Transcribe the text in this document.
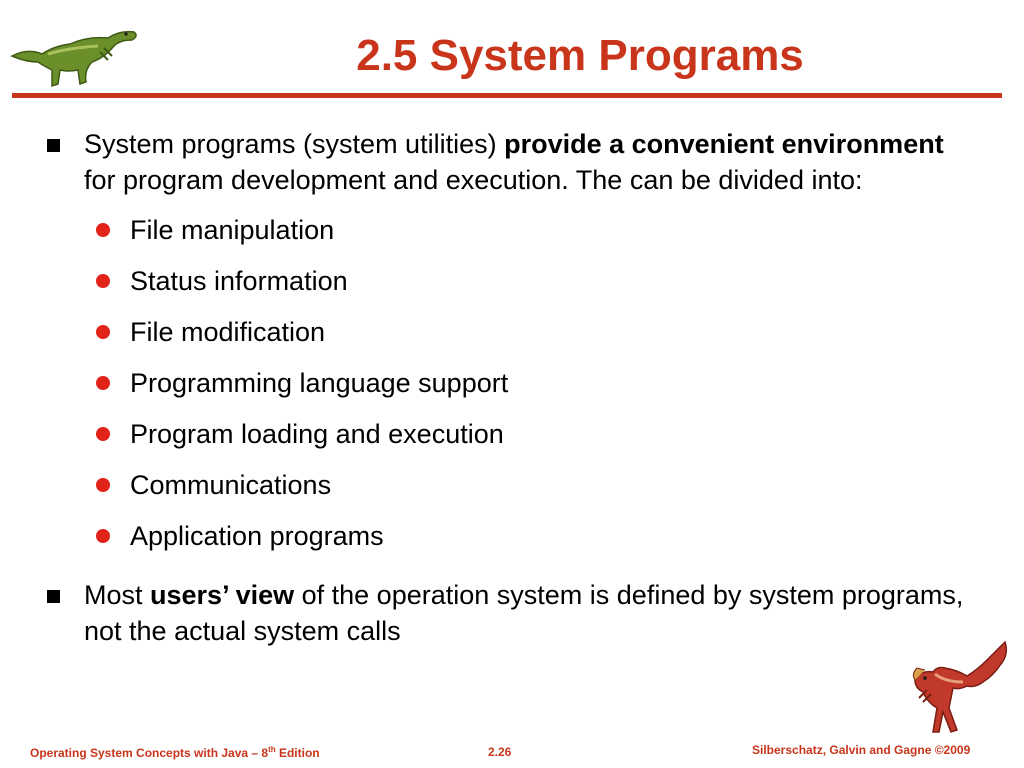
2.5 System Programs
System programs (system utilities) provide a convenient environment for program development and execution. The can be divided into:
File manipulation
Status information
File modification
Programming language support
Program loading and execution
Communications
Application programs
Most users’ view of the operation system is defined by system programs, not the actual system calls
Operating System Concepts with Java – 8th Edition	2.26	Silberschatz, Galvin and Gagne ©2009
